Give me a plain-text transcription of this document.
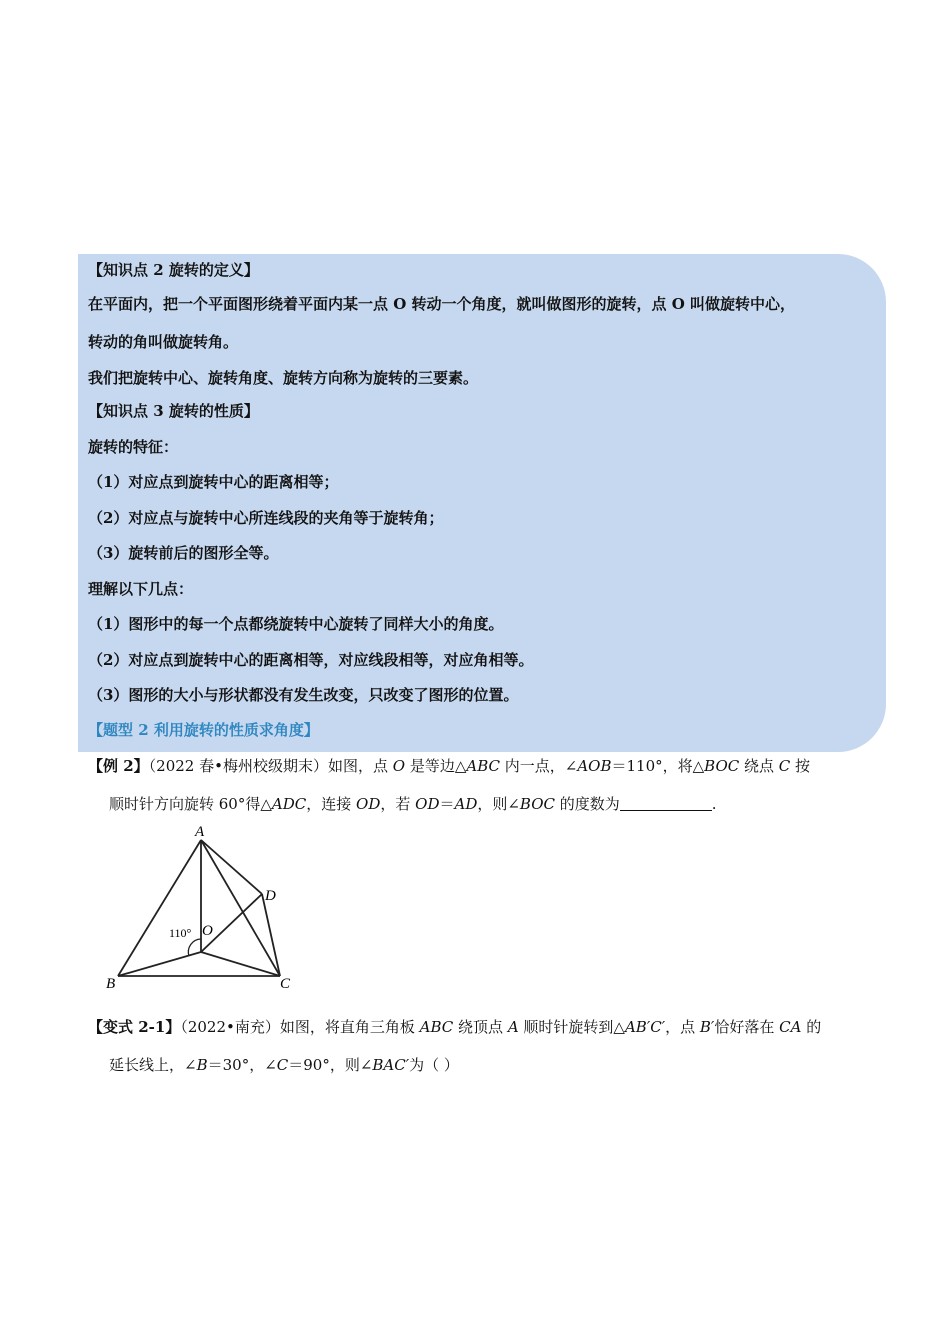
【知识点 2 旋转的定义】
在平面内，把一个平面图形绕着平面内某一点 O 转动一个角度，就叫做图形的旋转，点 O 叫做旋转中心，
转动的角叫做旋转角。
我们把旋转中心、旋转角度、旋转方向称为旋转的三要素。
【知识点 3 旋转的性质】
旋转的特征：
（1）对应点到旋转中心的距离相等；
（2）对应点与旋转中心所连线段的夹角等于旋转角；
（3）旋转前后的图形全等。
理解以下几点：
（1）图形中的每一个点都绕旋转中心旋转了同样大小的角度。
（2）对应点到旋转中心的距离相等，对应线段相等，对应角相等。
（3）图形的大小与形状都没有发生改变，只改变了图形的位置。
【题型 2 利用旋转的性质求角度】
【例 2】（2022 春•梅州校级期末）如图，点 O 是等边△ABC 内一点，∠AOB＝110°，将△BOC 绕点 C 按
顺时针方向旋转 60°得△ADC，连接 OD，若 OD＝AD，则∠BOC 的度数为	.
A
B	C
D
O
110°
【变式 2-1】（2022•南充）如图，将直角三角板 ABC 绕顶点 A 顺时针旋转到△AB′C′，点 B′恰好落在 CA 的
延长线上，∠B＝30°，∠C＝90°，则∠BAC′为（ ）
